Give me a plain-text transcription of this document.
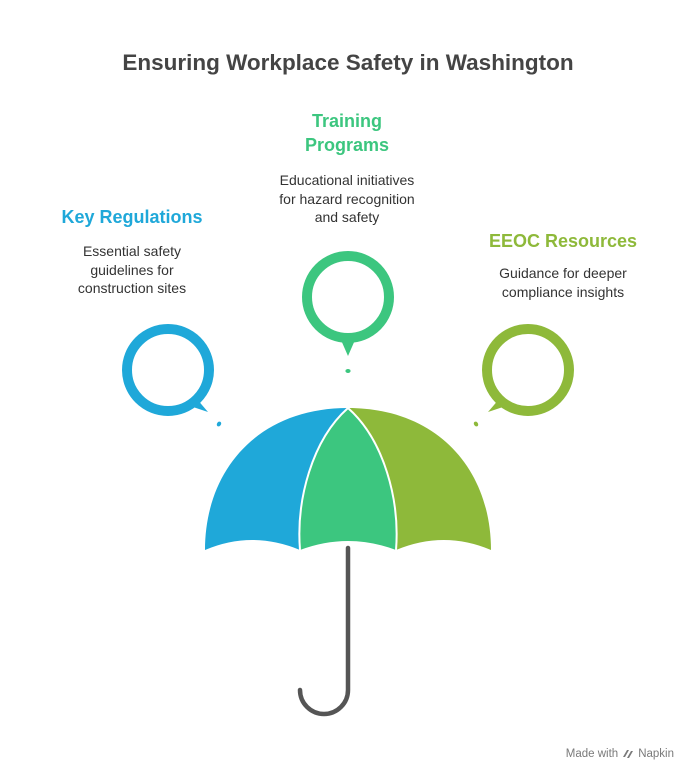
Ensuring Workplace Safety in Washington
Key Regulations
Essential safety
guidelines for
construction sites
Training
Programs
Educational initiatives
for hazard recognition
and safety
EEOC Resources
Guidance for deeper
compliance insights
Made with Napkin
